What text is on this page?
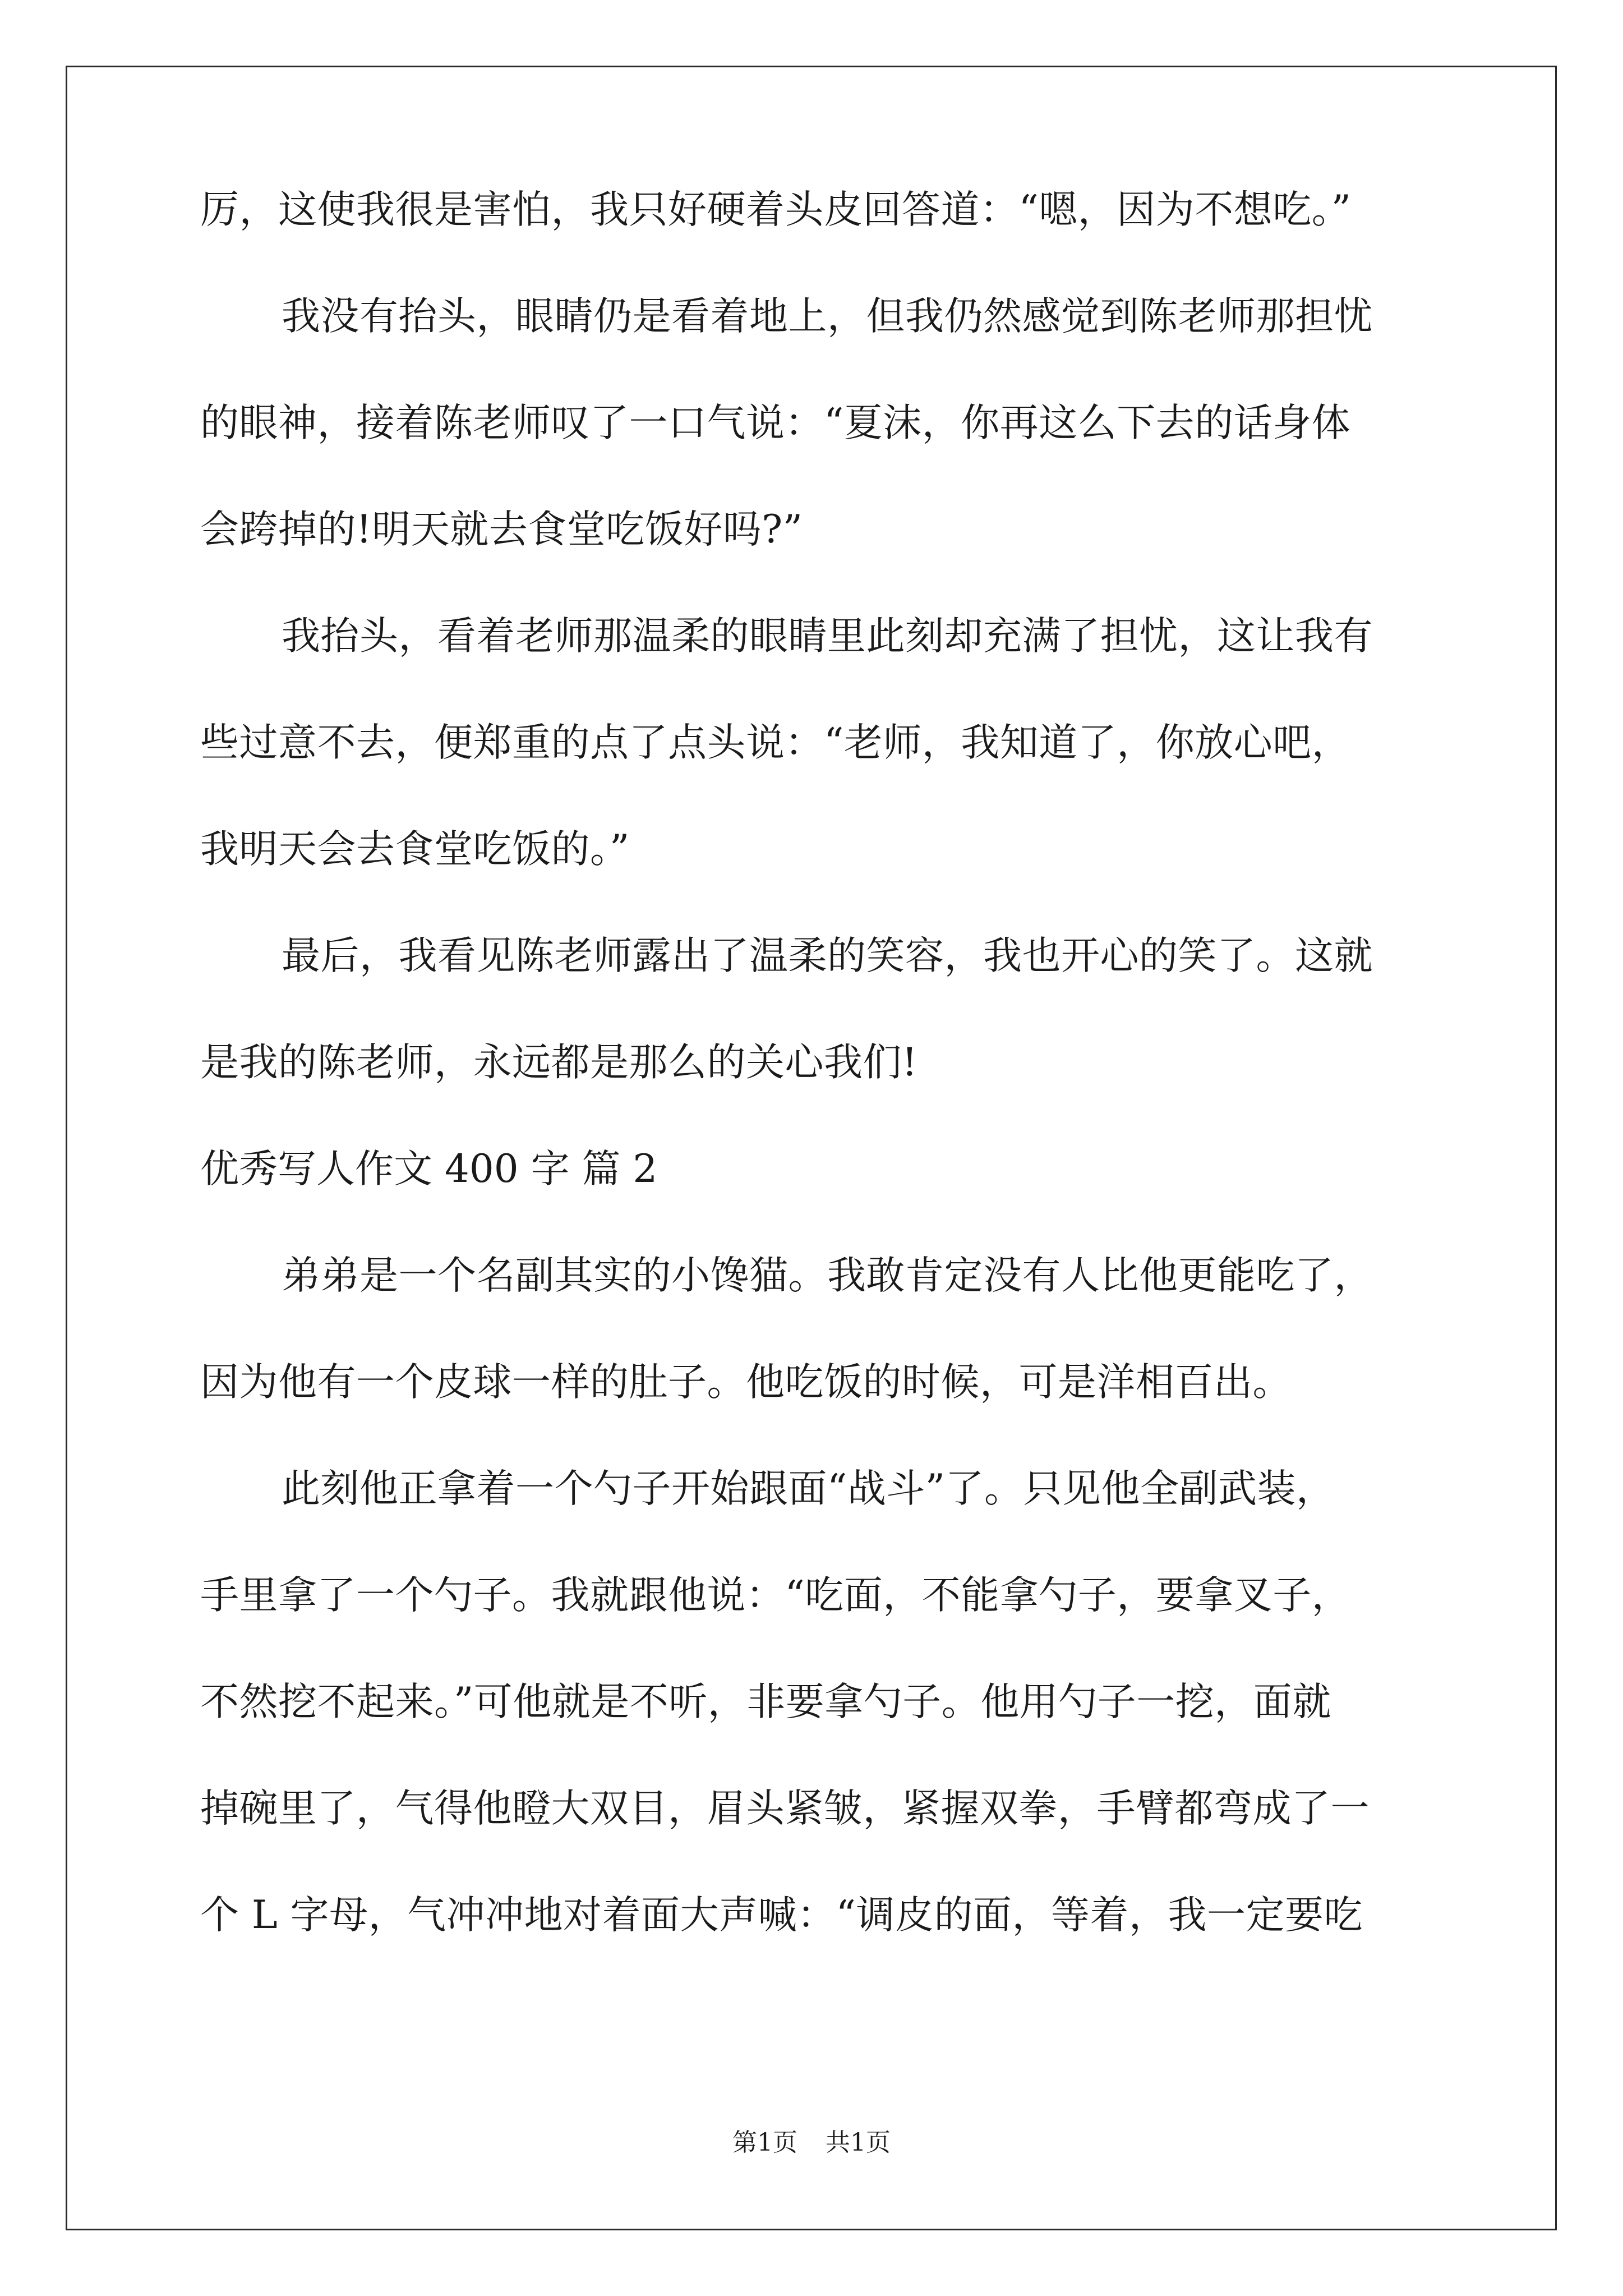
厉，这使我很是害怕，我只好硬着头皮回答道：“嗯，因为不想吃。”
我没有抬头，眼睛仍是看着地上，但我仍然感觉到陈老师那担忧
的眼神，接着陈老师叹了一口气说：“夏沫，你再这么下去的话身体
会跨掉的!明天就去食堂吃饭好吗?”
我抬头，看着老师那温柔的眼睛里此刻却充满了担忧，这让我有
些过意不去，便郑重的点了点头说：“老师，我知道了，你放心吧，
我明天会去食堂吃饭的。”
最后，我看见陈老师露出了温柔的笑容，我也开心的笑了。这就
是我的陈老师，永远都是那么的关心我们!
优秀写人作文 400 字 篇 2
弟弟是一个名副其实的小馋猫。我敢肯定没有人比他更能吃了，
因为他有一个皮球一样的肚子。他吃饭的时候，可是洋相百出。
此刻他正拿着一个勺子开始跟面“战斗”了。只见他全副武装，
手里拿了一个勺子。我就跟他说：“吃面，不能拿勺子，要拿叉子，
不然挖不起来。”可他就是不听，非要拿勺子。他用勺子一挖，面就
掉碗里了，气得他瞪大双目，眉头紧皱，紧握双拳，手臂都弯成了一
个 L 字母，气冲冲地对着面大声喊：“调皮的面，等着，我一定要吃
第1页 共1页
